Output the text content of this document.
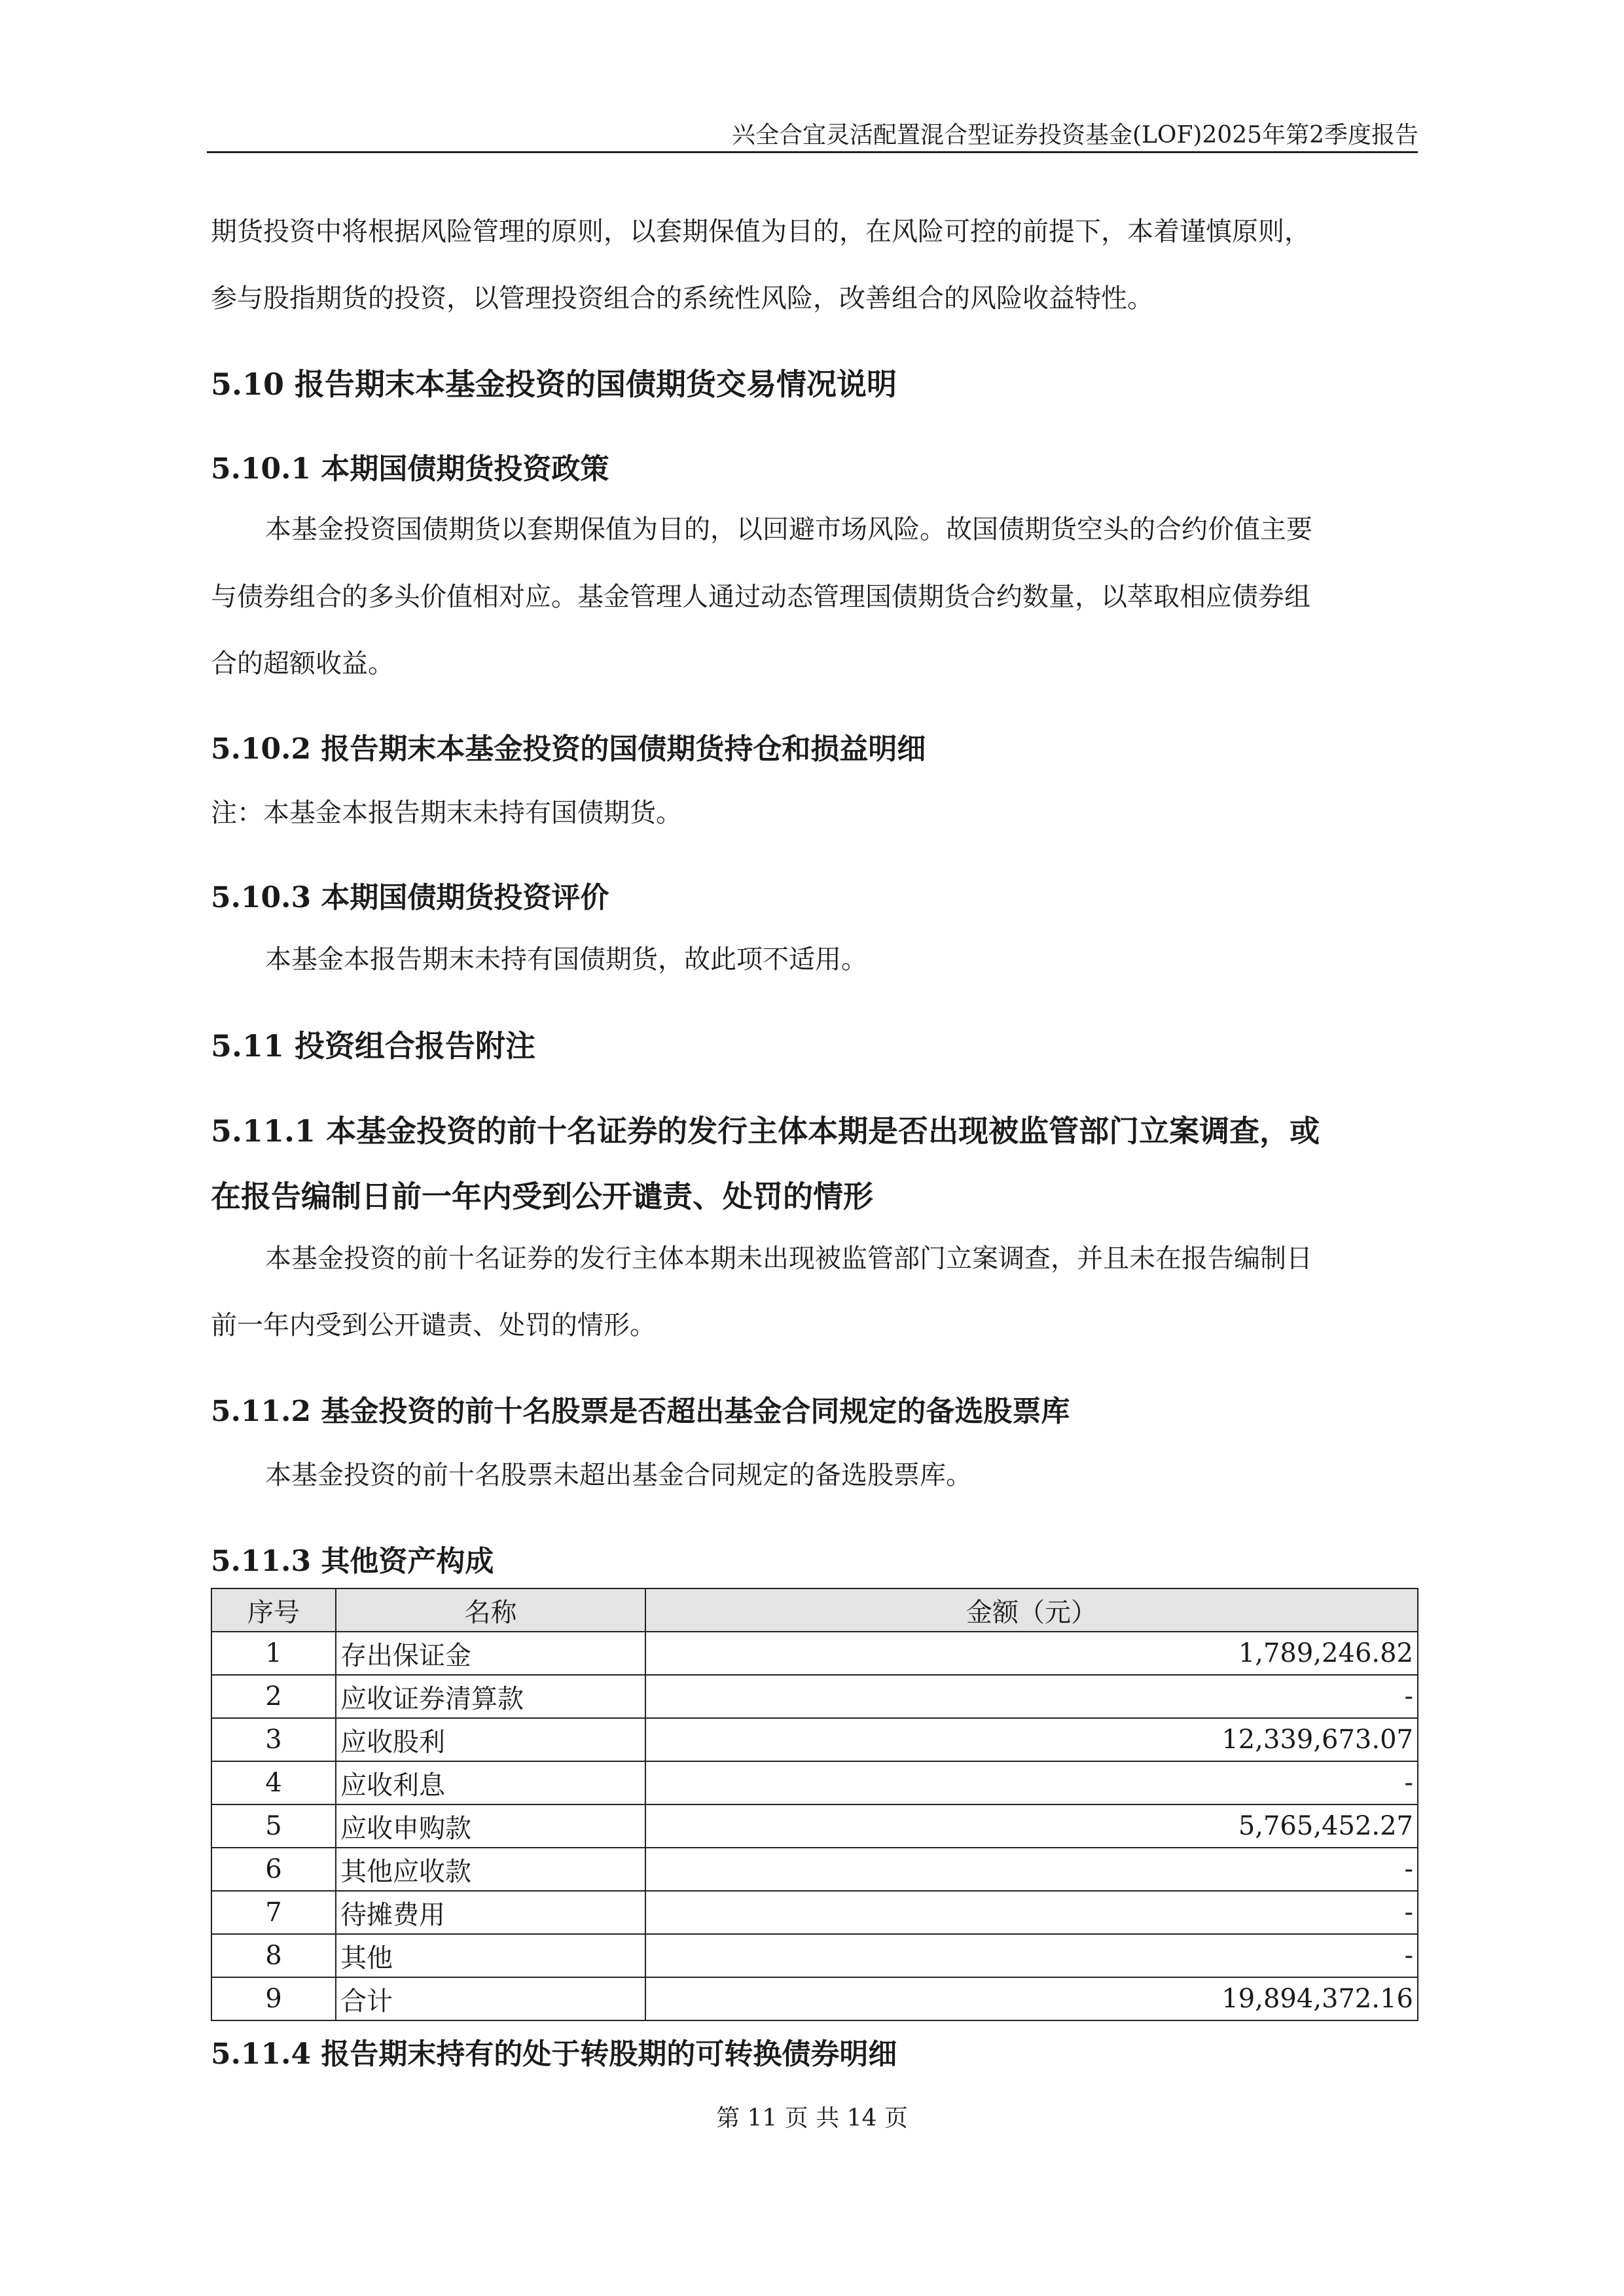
兴全合宜灵活配置混合型证券投资基金(LOF)2025年第2季度报告
期货投资中将根据风险管理的原则，以套期保值为目的，在风险可控的前提下，本着谨慎原则，
参与股指期货的投资，以管理投资组合的系统性风险，改善组合的风险收益特性。
5.10 报告期末本基金投资的国债期货交易情况说明
5.10.1 本期国债期货投资政策
本基金投资国债期货以套期保值为目的，以回避市场风险。故国债期货空头的合约价值主要
与债券组合的多头价值相对应。基金管理人通过动态管理国债期货合约数量，以萃取相应债券组
合的超额收益。
5.10.2 报告期末本基金投资的国债期货持仓和损益明细
注：本基金本报告期末未持有国债期货。
5.10.3 本期国债期货投资评价
本基金本报告期末未持有国债期货，故此项不适用。
5.11 投资组合报告附注
5.11.1 本基金投资的前十名证券的发行主体本期是否出现被监管部门立案调查，或
在报告编制日前一年内受到公开谴责、处罚的情形
本基金投资的前十名证券的发行主体本期未出现被监管部门立案调查，并且未在报告编制日
前一年内受到公开谴责、处罚的情形。
5.11.2 基金投资的前十名股票是否超出基金合同规定的备选股票库
本基金投资的前十名股票未超出基金合同规定的备选股票库。
5.11.3 其他资产构成
序号	名称	金额（元）
1	存出保证金	1,789,246.82
2	应收证券清算款	-
3	应收股利	12,339,673.07
4	应收利息	-
5	应收申购款	5,765,452.27
6	其他应收款	-
7	待摊费用	-
8	其他	-
9	合计	19,894,372.16
5.11.4 报告期末持有的处于转股期的可转换债券明细
第 11 页 共 14 页
